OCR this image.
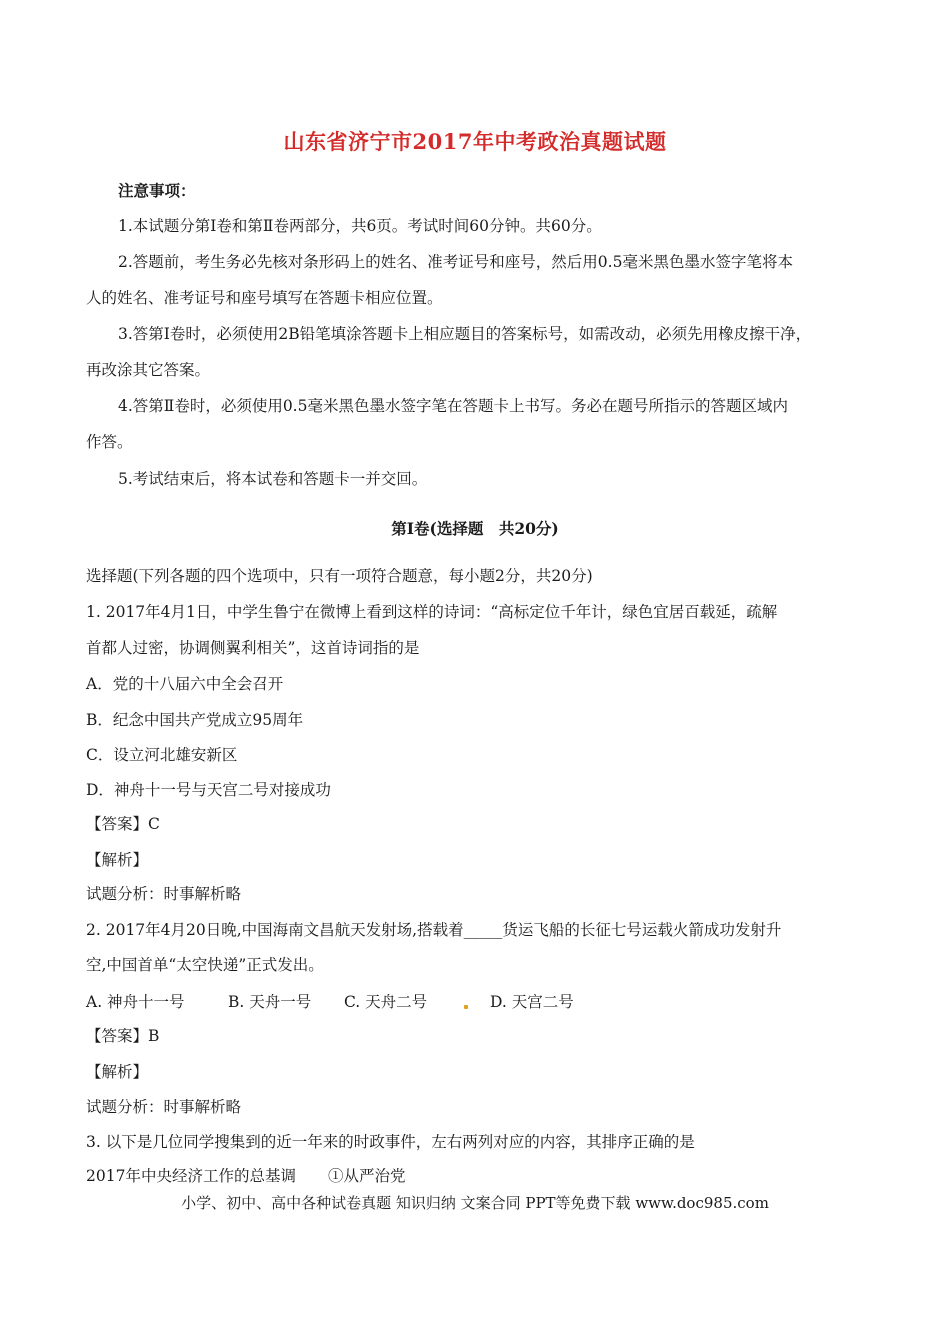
山东省济宁市2017年中考政治真题试题
注意事项：
1.本试题分第Ⅰ卷和第Ⅱ卷两部分，共6页。考试时间60分钟。共60分。
2.答题前，考生务必先核对条形码上的姓名、准考证号和座号，然后用0.5毫米黑色墨水签字笔将本
人的姓名、准考证号和座号填写在答题卡相应位置。
3.答第Ⅰ卷时，必须使用2B铅笔填涂答题卡上相应题目的答案标号，如需改动，必须先用橡皮擦干净，
再改涂其它答案。
4.答第Ⅱ卷时，必须使用0.5毫米黑色墨水签字笔在答题卡上书写。务必在题号所指示的答题区域内
作答。
5.考试结束后，将本试卷和答题卡一并交回。
第Ⅰ卷(选择题　共20分)
选择题(下列各题的四个选项中，只有一项符合题意，每小题2分，共20分)
1. 2017年4月1日，中学生鲁宁在微博上看到这样的诗词：“高标定位千年计，绿色宜居百载延，疏解
首都人过密，协调侧翼利相关”，这首诗词指的是
A．党的十八届六中全会召开
B．纪念中国共产党成立95周年
C．设立河北雄安新区
D．神舟十一号与天宫二号对接成功
【答案】C
【解析】
试题分析：时事解析略
2. 2017年4月20日晚,中国海南文昌航天发射场,搭载着_____货运飞船的长征七号运载火箭成功发射升
空,中国首单“太空快递”正式发出。
A. 神舟十一号	B. 天舟一号 C. 天舟二号	D. 天宫二号
【答案】B
【解析】
试题分析：时事解析略
3. 以下是几位同学搜集到的近一年来的时政事件，左右两列对应的内容，其排序正确的是
2017年中央经济工作的总基调 ①从严治党
小学、初中、高中各种试卷真题 知识归纳 文案合同 PPT等免费下载 www.doc985.com
